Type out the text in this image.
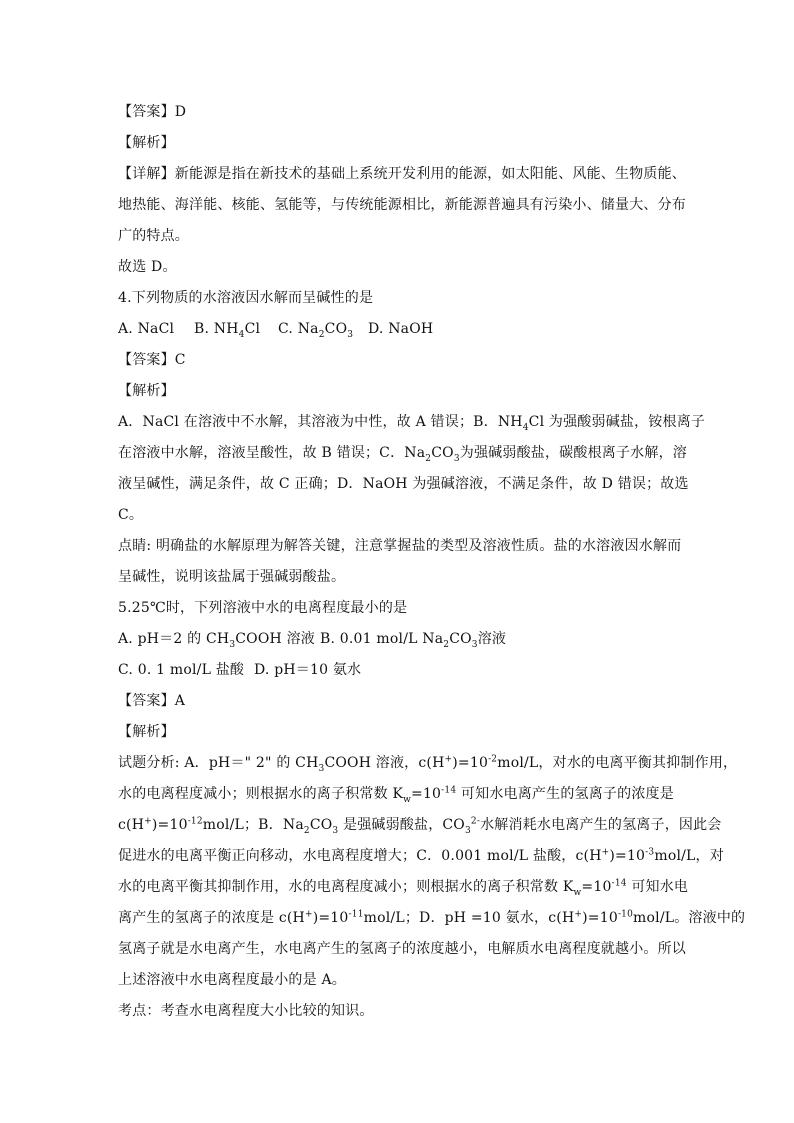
【答案】D
【解析】
【详解】新能源是指在新技术的基础上系统开发利用的能源，如太阳能、风能、生物质能、
地热能、海洋能、核能、氢能等，与传统能源相比，新能源普遍具有污染小、储量大、分布
广的特点。
故选 D。
4.下列物质的水溶液因水解而呈碱性的是
A. NaCl B. $NH_4Cl$ C. $Na_2CO_3$ D. NaOH
【答案】C
【解析】
A．NaCl 在溶液中不水解，其溶液为中性，故 A 错误；B．$NH_4Cl$ 为强酸弱碱盐，铵根离子
在溶液中水解，溶液呈酸性，故 B 错误；C．$Na_2CO_3$为强碱弱酸盐，碳酸根离子水解，溶
液呈碱性，满足条件，故 C 正确；D．NaOH 为强碱溶液，不满足条件，故 D 错误；故选
C。
点睛: 明确盐的水解原理为解答关键，注意掌握盐的类型及溶液性质。盐的水溶液因水解而
呈碱性，说明该盐属于强碱弱酸盐。
5.25℃时，下列溶液中水的电离程度最小的是
A. pH＝2 的 $CH_3COOH$ 溶液 B. 0.01 mol/L $Na_2CO_3$溶液
C. 0. 1 mol/L 盐酸 D. pH＝10 氨水
【答案】A
【解析】
试题分析: A．pH＝" 2" 的 $CH_3COOH$ 溶液，$c(H^+)=10^{-2}mol/L$，对水的电离平衡其抑制作用，
水的电离程度减小；则根据水的离子积常数 $K_w=10^{-14}$ 可知水电离产生的氢离子的浓度是
$c(H^+)=10^{-12}mol/L$；B．$Na_2CO_3$ 是强碱弱酸盐，$CO_3^{2-}$水解消耗水电离产生的氢离子，因此会
促进水的电离平衡正向移动，水电离程度增大；C．0.001 mol/L 盐酸，$c(H^+)=10^{-3}mol/L$，对
水的电离平衡其抑制作用，水的电离程度减小；则根据水的离子积常数 $K_w=10^{-14}$ 可知水电
离产生的氢离子的浓度是 $c(H^+)=10^{-11}mol/L$；D．pH =10 氨水，$c(H^+)=10^{-10}mol/L$。溶液中的
氢离子就是水电离产生，水电离产生的氢离子的浓度越小，电解质水电离程度就越小。所以
上述溶液中水电离程度最小的是 A。
考点：考查水电离程度大小比较的知识。
